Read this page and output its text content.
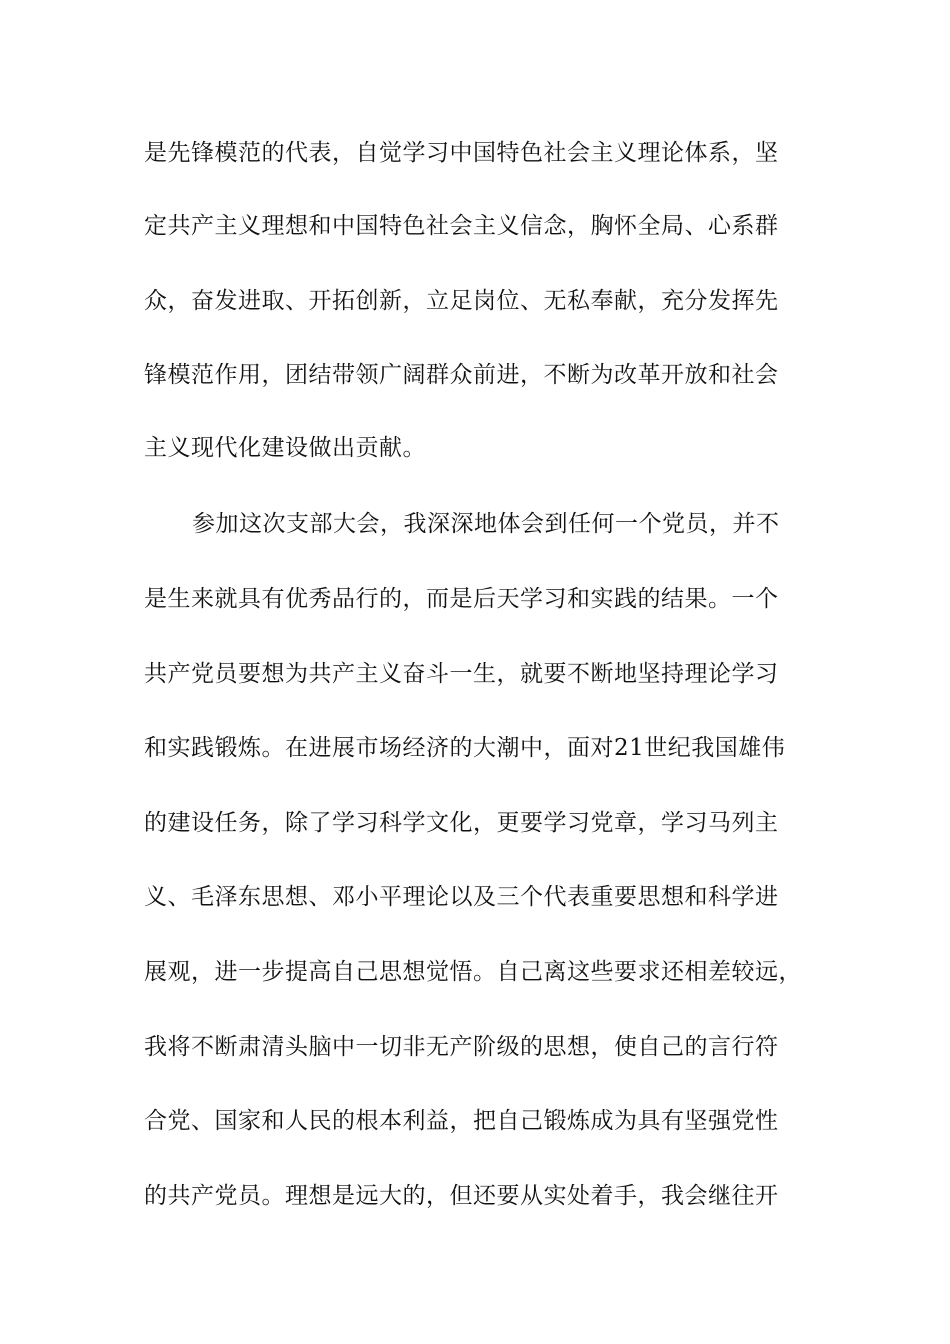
是先锋模范的代表，自觉学习中国特色社会主义理论体系，坚
定共产主义理想和中国特色社会主义信念，胸怀全局、心系群
众，奋发进取、开拓创新，立足岗位、无私奉献，充分发挥先
锋模范作用，团结带领广阔群众前进，不断为改革开放和社会
主义现代化建设做出贡献。
参加这次支部大会，我深深地体会到任何一个党员，并不
是生来就具有优秀品行的，而是后天学习和实践的结果。一个
共产党员要想为共产主义奋斗一生，就要不断地坚持理论学习
和实践锻炼。在进展市场经济的大潮中，面对21世纪我国雄伟
的建设任务，除了学习科学文化，更要学习党章，学习马列主
义、毛泽东思想、邓小平理论以及三个代表重要思想和科学进
展观，进一步提高自己思想觉悟。自己离这些要求还相差较远，
我将不断肃清头脑中一切非无产阶级的思想，使自己的言行符
合党、国家和人民的根本利益，把自己锻炼成为具有坚强党性
的共产党员。理想是远大的，但还要从实处着手，我会继往开
